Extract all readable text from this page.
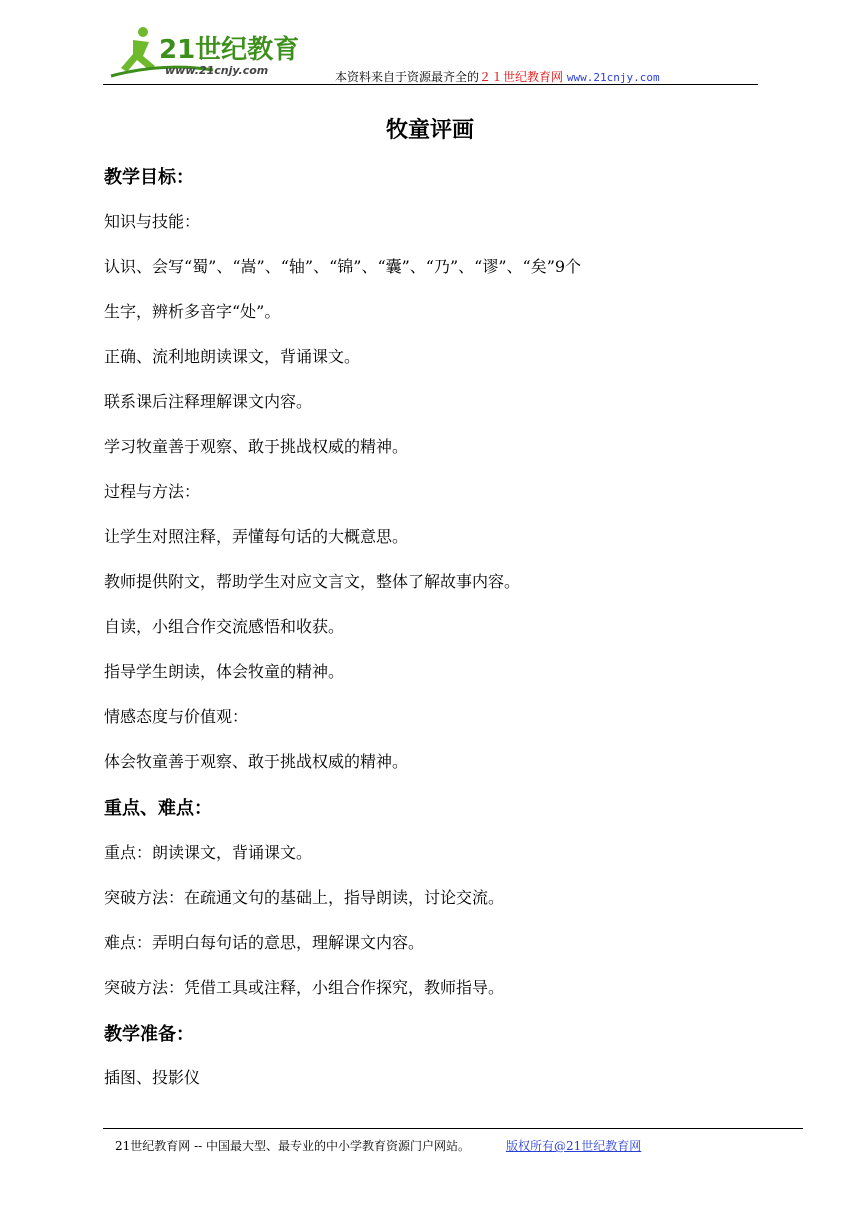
21世纪教育
www.21cnjy.com	本资料来自于资源最齐全的２１世纪教育网 www.21cnjy.com
牧童评画
教学目标：
知识与技能：
认识、会写“蜀”、“嵩”、“轴”、“锦”、“囊”、“乃”、“谬”、“矣”9个
生字，辨析多音字“处”。
正确、流利地朗读课文，背诵课文。
联系课后注释理解课文内容。
学习牧童善于观察、敢于挑战权威的精神。
过程与方法：
让学生对照注释，弄懂每句话的大概意思。
教师提供附文，帮助学生对应文言文，整体了解故事内容。
自读，小组合作交流感悟和收获。
指导学生朗读，体会牧童的精神。
情感态度与价值观：
体会牧童善于观察、敢于挑战权威的精神。
重点、难点：
重点：朗读课文，背诵课文。
突破方法：在疏通文句的基础上，指导朗读，讨论交流。
难点：弄明白每句话的意思，理解课文内容。
突破方法：凭借工具或注释，小组合作探究，教师指导。
教学准备：
插图、投影仪
21世纪教育网 -- 中国最大型、最专业的中小学教育资源门户网站。	版权所有@21世纪教育网
